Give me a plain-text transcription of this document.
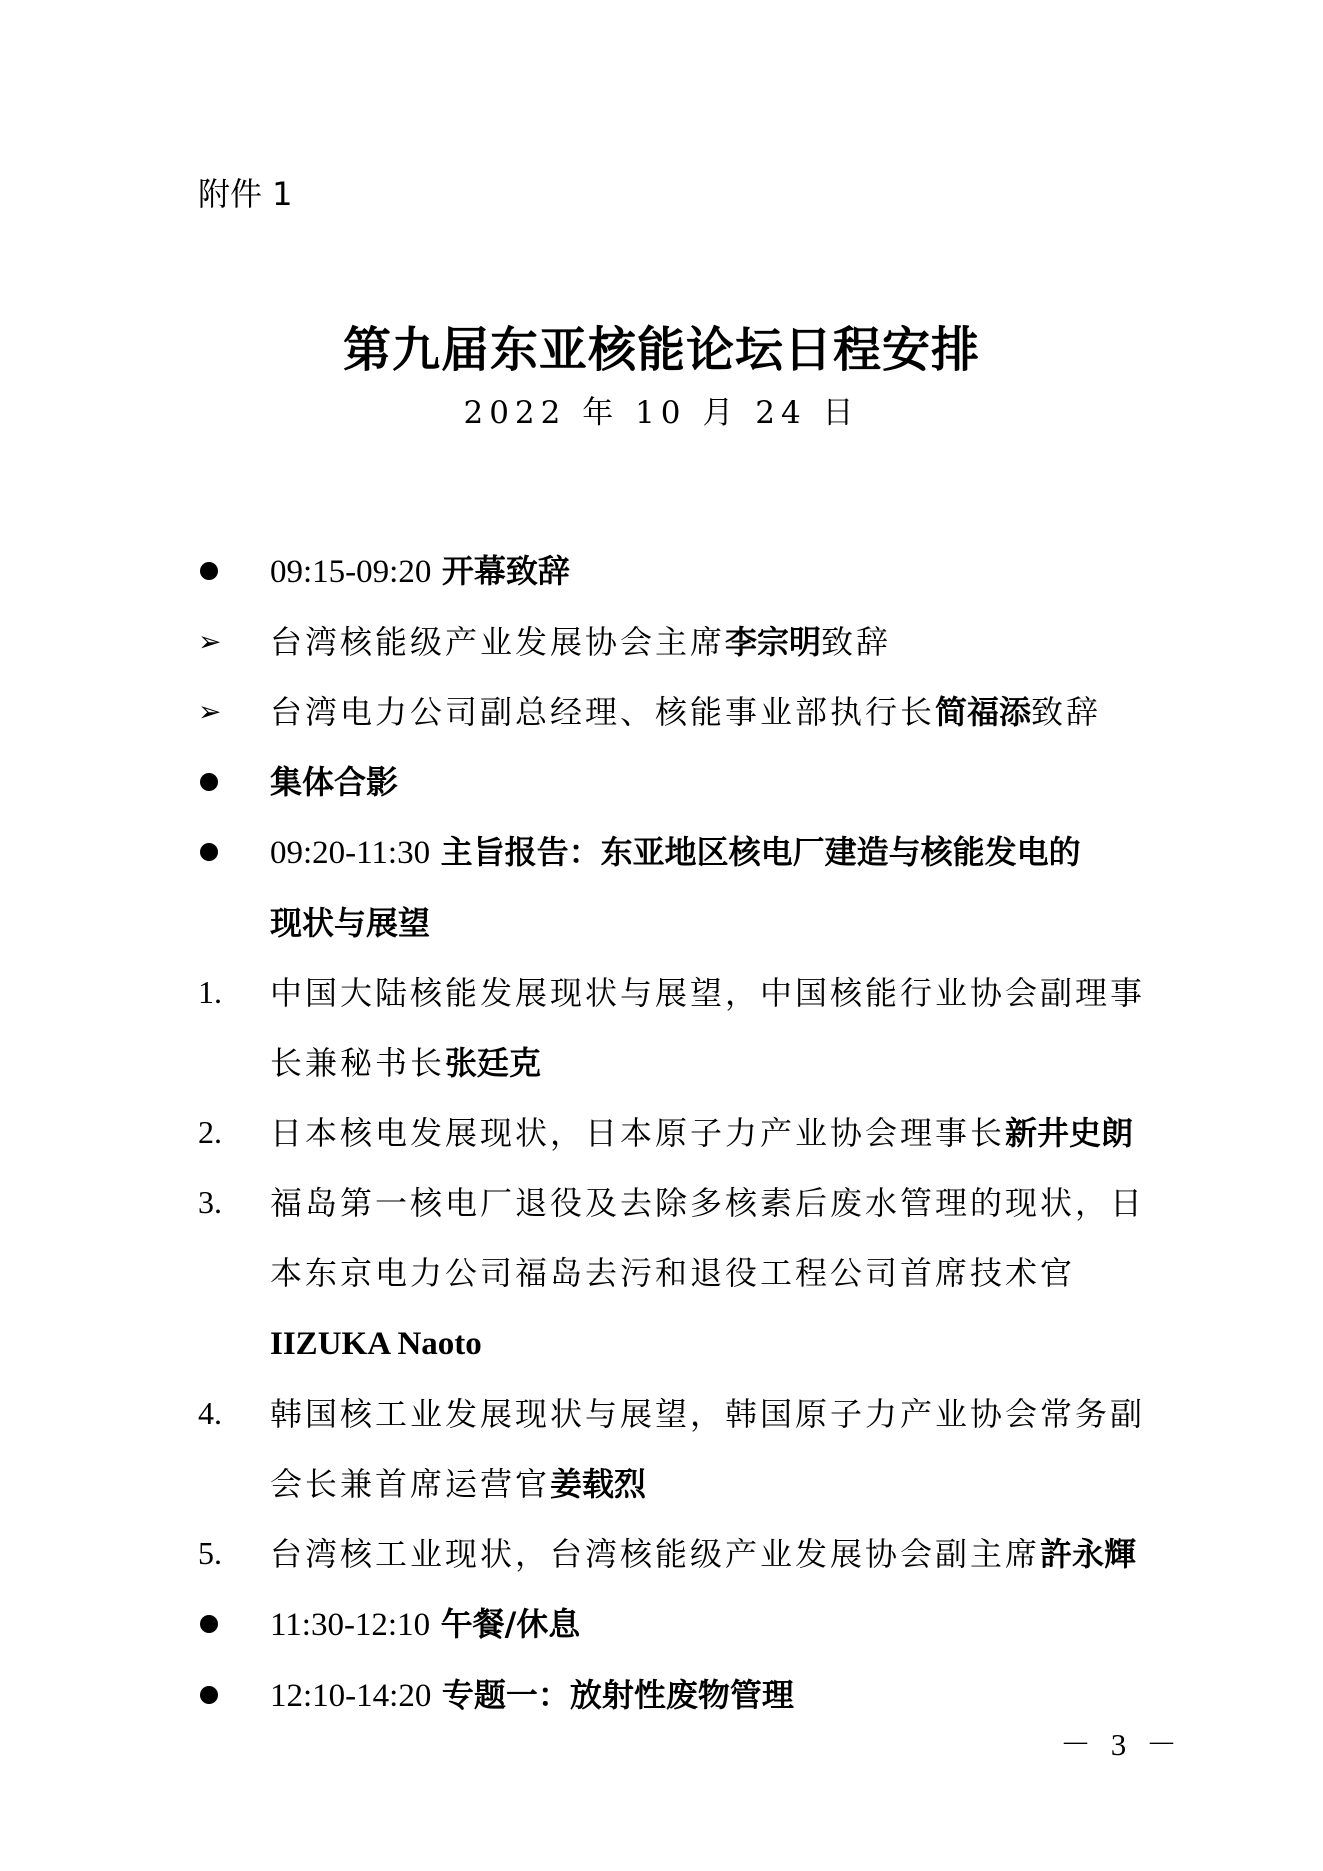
附件 1
第九届东亚核能论坛日程安排
2022 年 10 月 24 日
09:15-09:20 开幕致辞
➢	台湾核能级产业发展协会主席李宗明致辞
➢	台湾电力公司副总经理、核能事业部执行长简福添致辞
集体合影
09:20-11:30 主旨报告：东亚地区核电厂建造与核能发电的
现状与展望
1.	中国大陆核能发展现状与展望，中国核能行业协会副理事
长兼秘书长张廷克
2.	日本核电发展现状，日本原子力产业协会理事长新井史朗
3.	福岛第一核电厂退役及去除多核素后废水管理的现状，日
本东京电力公司福岛去污和退役工程公司首席技术官
IIZUKA Naoto
4.	韩国核工业发展现状与展望，韩国原子力产业协会常务副
会长兼首席运营官姜载烈
5.	台湾核工业现状，台湾核能级产业发展协会副主席許永輝
11:30-12:10 午餐/休息
12:10-14:20 专题一：放射性废物管理
－ 3 －
